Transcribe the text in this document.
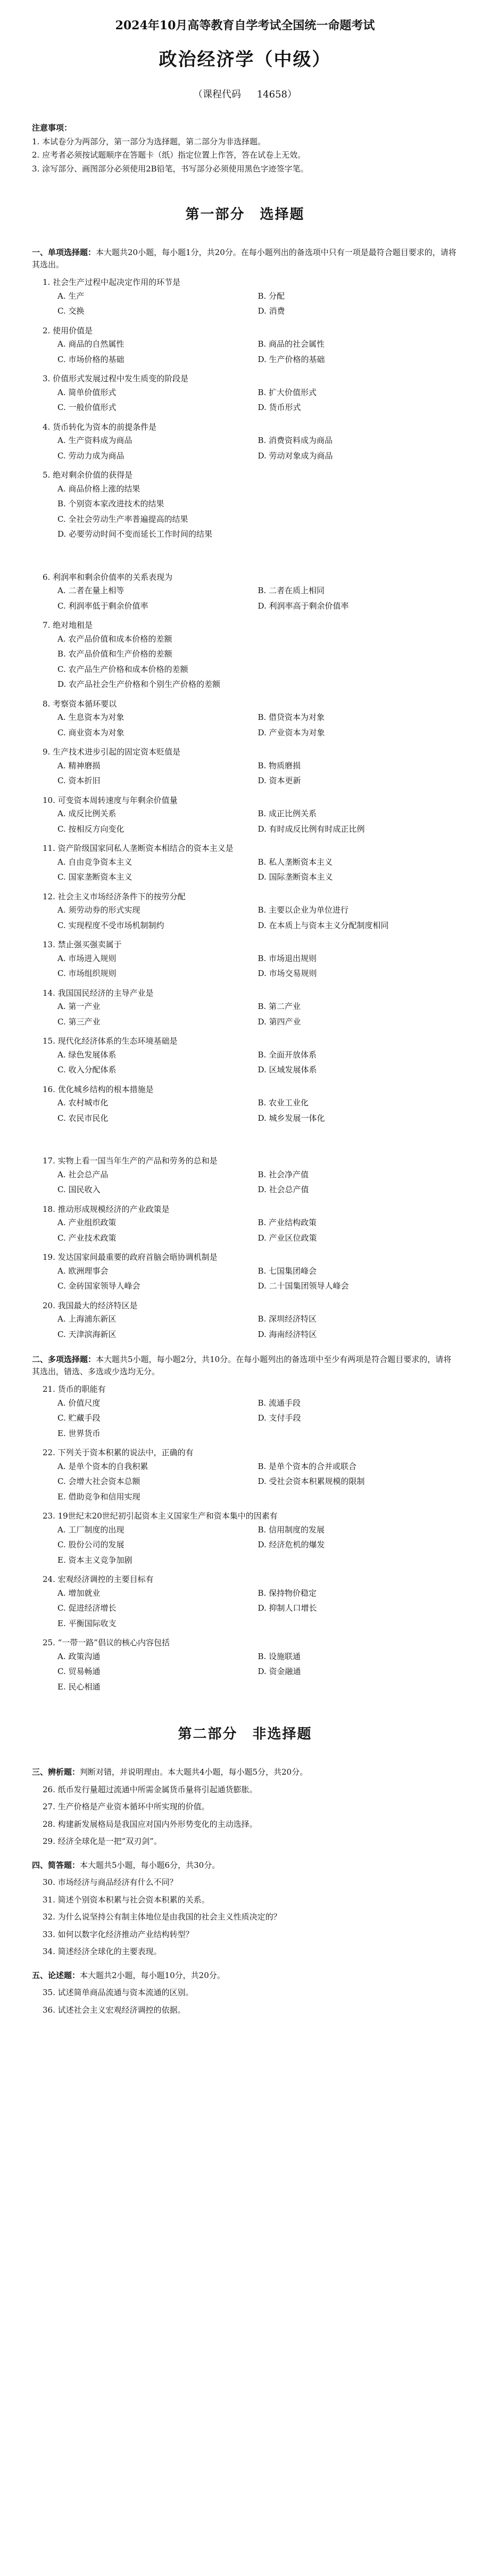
2024年10月高等教育自学考试全国统一命题考试
政治经济学（中级）
（课程代码 14658）
注意事项：
1. 本试卷分为两部分，第一部分为选择题，第二部分为非选择题。
2. 应考者必须按试题顺序在答题卡（纸）指定位置上作答，答在试卷上无效。
3. 涂写部分、画图部分必须使用2B铅笔，书写部分必须使用黑色字迹签字笔。
第一部分　选择题
一、单项选择题：本大题共20小题，每小题1分，共20分。在每小题列出的备选项中只有一项是最符合题目要求的，请将其选出。
1. 社会生产过程中起决定作用的环节是
A. 生产	B. 分配
C. 交换	D. 消费
2. 使用价值是
A. 商品的自然属性	B. 商品的社会属性
C. 市场价格的基础	D. 生产价格的基础
3. 价值形式发展过程中发生质变的阶段是
A. 简单价值形式	B. 扩大价值形式
C. 一般价值形式	D. 货币形式
4. 货币转化为资本的前提条件是
A. 生产资料成为商品	B. 消费资料成为商品
C. 劳动力成为商品	D. 劳动对象成为商品
5. 绝对剩余价值的获得是
A. 商品价格上涨的结果
B. 个别资本家改进技术的结果
C. 全社会劳动生产率普遍提高的结果
D. 必要劳动时间不变而延长工作时间的结果
6. 利润率和剩余价值率的关系表现为
A. 二者在量上相等	B. 二者在质上相同
C. 利润率低于剩余价值率	D. 利润率高于剩余价值率
7. 绝对地租是
A. 农产品价值和成本价格的差额
B. 农产品价值和生产价格的差额
C. 农产品生产价格和成本价格的差额
D. 农产品社会生产价格和个别生产价格的差额
8. 考察资本循环要以
A. 生息资本为对象	B. 借贷资本为对象
C. 商业资本为对象	D. 产业资本为对象
9. 生产技术进步引起的固定资本贬值是
A. 精神磨损	B. 物质磨损
C. 资本折旧	D. 资本更新
10. 可变资本周转速度与年剩余价值量
A. 成反比例关系	B. 成正比例关系
C. 按相反方向变化	D. 有时成反比例有时成正比例
11. 资产阶级国家同私人垄断资本相结合的资本主义是
A. 自由竞争资本主义	B. 私人垄断资本主义
C. 国家垄断资本主义	D. 国际垄断资本主义
12. 社会主义市场经济条件下的按劳分配
A. 须劳动券的形式实现	B. 主要以企业为单位进行
C. 实现程度不受市场机制制约	D. 在本质上与资本主义分配制度相同
13. 禁止强买强卖属于
A. 市场进入规则	B. 市场退出规则
C. 市场组织规则	D. 市场交易规则
14. 我国国民经济的主导产业是
A. 第一产业	B. 第二产业
C. 第三产业	D. 第四产业
15. 现代化经济体系的生态环境基础是
A. 绿色发展体系	B. 全面开放体系
C. 收入分配体系	D. 区域发展体系
16. 优化城乡结构的根本措施是
A. 农村城市化	B. 农业工业化
C. 农民市民化	D. 城乡发展一体化
17. 实物上看一国当年生产的产品和劳务的总和是
A. 社会总产品	B. 社会净产值
C. 国民收入	D. 社会总产值
18. 推动形成规模经济的产业政策是
A. 产业组织政策	B. 产业结构政策
C. 产业技术政策	D. 产业区位政策
19. 发达国家间最重要的政府首脑会晤协调机制是
A. 欧洲理事会	B. 七国集团峰会
C. 金砖国家领导人峰会	D. 二十国集团领导人峰会
20. 我国最大的经济特区是
A. 上海浦东新区	B. 深圳经济特区
C. 天津滨海新区	D. 海南经济特区
二、多项选择题：本大题共5小题，每小题2分，共10分。在每小题列出的备选项中至少有两项是符合题目要求的，请将其选出，错选、多选或少选均无分。
21. 货币的职能有
A. 价值尺度	B. 流通手段
C. 贮藏手段	D. 支付手段
E. 世界货币
22. 下列关于资本积累的说法中，正确的有
A. 是单个资本的自我积累	B. 是单个资本的合并或联合
C. 会增大社会资本总额	D. 受社会资本积累规模的限制
E. 借助竞争和信用实现
23. 19世纪末20世纪初引起资本主义国家生产和资本集中的因素有
A. 工厂制度的出现	B. 信用制度的发展
C. 股份公司的发展	D. 经济危机的爆发
E. 资本主义竞争加剧
24. 宏观经济调控的主要目标有
A. 增加就业	B. 保持物价稳定
C. 促进经济增长	D. 抑制人口增长
E. 平衡国际收支
25. “一带一路”倡议的核心内容包括
A. 政策沟通	B. 设施联通
C. 贸易畅通	D. 资金融通
E. 民心相通
第二部分　非选择题
三、辨析题：判断对错，并说明理由。本大题共4小题，每小题5分，共20分。
26. 纸币发行量超过流通中所需金属货币量将引起通货膨胀。
27. 生产价格是产业资本循环中所实现的价值。
28. 构建新发展格局是我国应对国内外形势变化的主动选择。
29. 经济全球化是一把“双刃剑”。
四、简答题：本大题共5小题，每小题6分，共30分。
30. 市场经济与商品经济有什么不同？
31. 简述个别资本积累与社会资本积累的关系。
32. 为什么说坚持公有制主体地位是由我国的社会主义性质决定的？
33. 如何以数字化经济推动产业结构转型？
34. 简述经济全球化的主要表现。
五、论述题：本大题共2小题，每小题10分，共20分。
35. 试述简单商品流通与资本流通的区别。
36. 试述社会主义宏观经济调控的依据。
